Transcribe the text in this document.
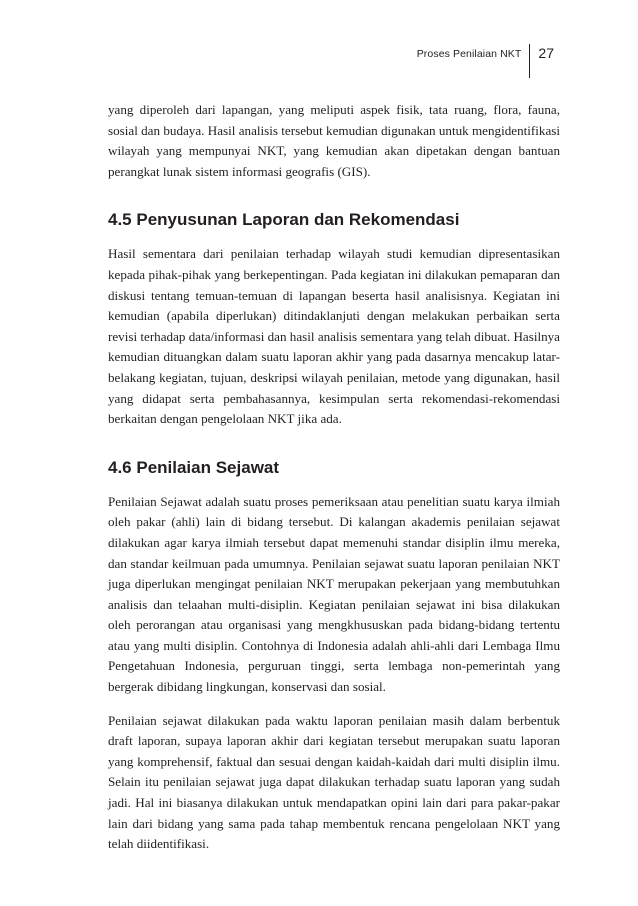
Proses Penilaian NKT	27

yang diperoleh dari lapangan, yang meliputi aspek fisik, tata ruang, flora, fauna, sosial dan budaya. Hasil analisis tersebut kemudian digunakan untuk mengidentifikasi wilayah yang mempunyai NKT, yang kemudian akan dipetakan dengan bantuan perangkat lunak sistem informasi geografis (GIS).

4.5 Penyusunan Laporan dan Rekomendasi

Hasil sementara dari penilaian terhadap wilayah studi kemudian dipresentasikan kepada pihak-pihak yang berkepentingan. Pada kegiatan ini dilakukan pemaparan dan diskusi tentang temuan-temuan di lapangan beserta hasil analisisnya. Kegiatan ini kemudian (apabila diperlukan) ditindaklanjuti dengan melakukan perbaikan serta revisi terhadap data/informasi dan hasil analisis sementara yang telah dibuat. Hasilnya kemudian dituangkan dalam suatu laporan akhir yang pada dasarnya mencakup latar-belakang kegiatan, tujuan, deskripsi wilayah penilaian, metode yang digunakan, hasil yang didapat serta pembahasannya, kesimpulan serta rekomendasi-rekomendasi berkaitan dengan pengelolaan NKT jika ada.

4.6 Penilaian Sejawat

Penilaian Sejawat adalah suatu proses pemeriksaan atau penelitian suatu karya ilmiah oleh pakar (ahli) lain di bidang tersebut. Di kalangan akademis penilaian sejawat dilakukan agar karya ilmiah tersebut dapat memenuhi standar disiplin ilmu mereka, dan standar keilmuan pada umumnya. Penilaian sejawat suatu laporan penilaian NKT juga diperlukan mengingat penilaian NKT merupakan pekerjaan yang membutuhkan analisis dan telaahan multi-disiplin. Kegiatan penilaian sejawat ini bisa dilakukan oleh perorangan atau organisasi yang mengkhususkan pada bidang-bidang tertentu atau yang multi disiplin. Contohnya di Indonesia adalah ahli-ahli dari Lembaga Ilmu Pengetahuan Indonesia, perguruan tinggi, serta lembaga non-pemerintah yang bergerak dibidang lingkungan, konservasi dan sosial.

Penilaian sejawat dilakukan pada waktu laporan penilaian masih dalam berbentuk draft laporan, supaya laporan akhir dari kegiatan tersebut merupakan suatu laporan yang komprehensif, faktual dan sesuai dengan kaidah-kaidah dari multi disiplin ilmu. Selain itu penilaian sejawat juga dapat dilakukan terhadap suatu laporan yang sudah jadi. Hal ini biasanya dilakukan untuk mendapatkan opini lain dari para pakar-pakar lain dari bidang yang sama pada tahap membentuk rencana pengelolaan NKT yang telah diidentifikasi.
